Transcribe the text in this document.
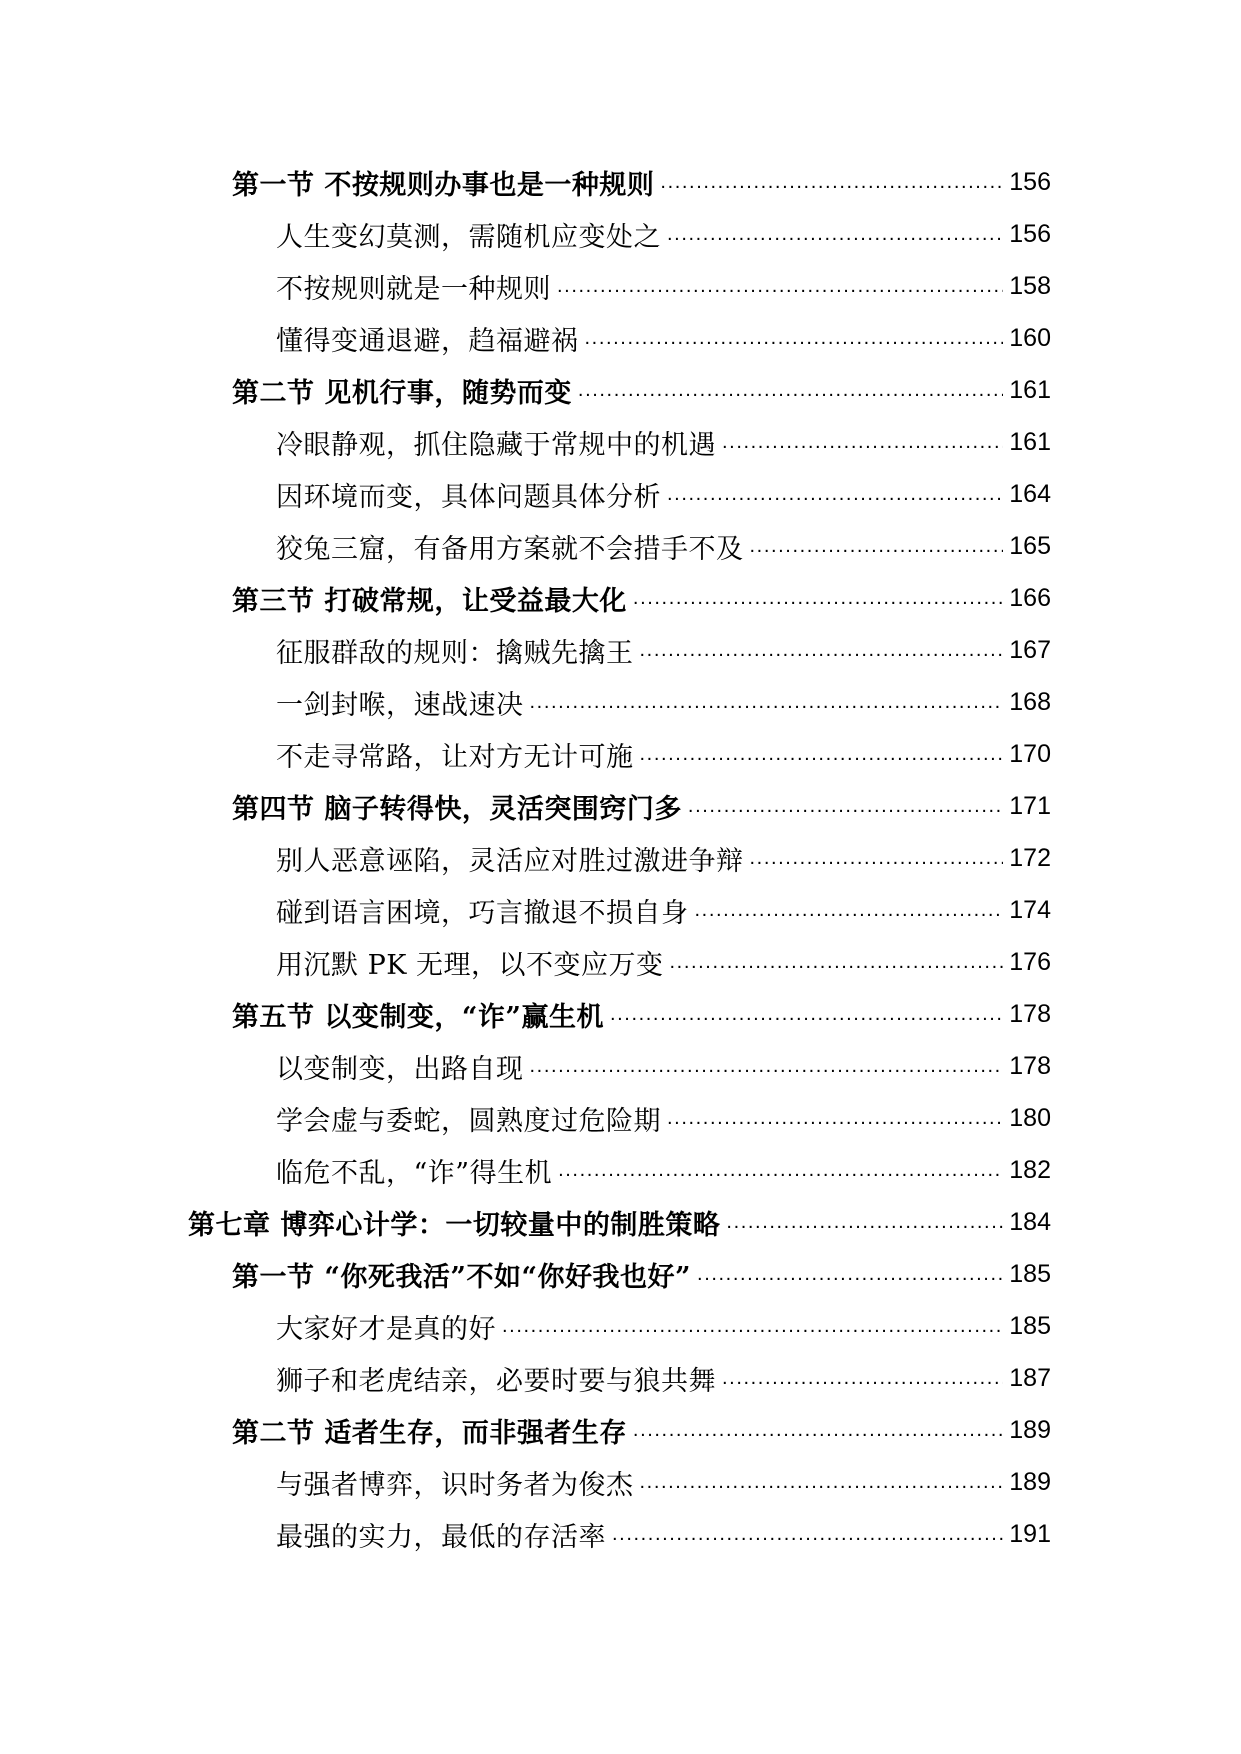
第一节 不按规则办事也是一种规则 .....	156
人生变幻莫测，需随机应变处之 .....	156
不按规则就是一种规则 .....	158
懂得变通退避，趋福避祸 .....	160
第二节 见机行事，随势而变 .....	161
冷眼静观，抓住隐藏于常规中的机遇 .....	161
因环境而变，具体问题具体分析 .....	164
狡兔三窟，有备用方案就不会措手不及 .....	165
第三节 打破常规，让受益最大化 .....	166
征服群敌的规则：擒贼先擒王 .....	167
一剑封喉，速战速决 .....	168
不走寻常路，让对方无计可施 .....	170
第四节 脑子转得快，灵活突围窍门多 .....	171
别人恶意诬陷，灵活应对胜过激进争辩 .....	172
碰到语言困境，巧言撤退不损自身 .....	174
用沉默 PK 无理，以不变应万变 .....	176
第五节 以变制变，“诈”赢生机 .....	178
以变制变，出路自现 .....	178
学会虚与委蛇，圆熟度过危险期 .....	180
临危不乱，“诈”得生机 .....	182
第七章 博弈心计学：一切较量中的制胜策略 .....	184
第一节 “你死我活”不如“你好我也好” .....	185
大家好才是真的好 .....	185
狮子和老虎结亲，必要时要与狼共舞 .....	187
第二节 适者生存，而非强者生存 .....	189
与强者博弈，识时务者为俊杰 .....	189
最强的实力，最低的存活率 .....	191
